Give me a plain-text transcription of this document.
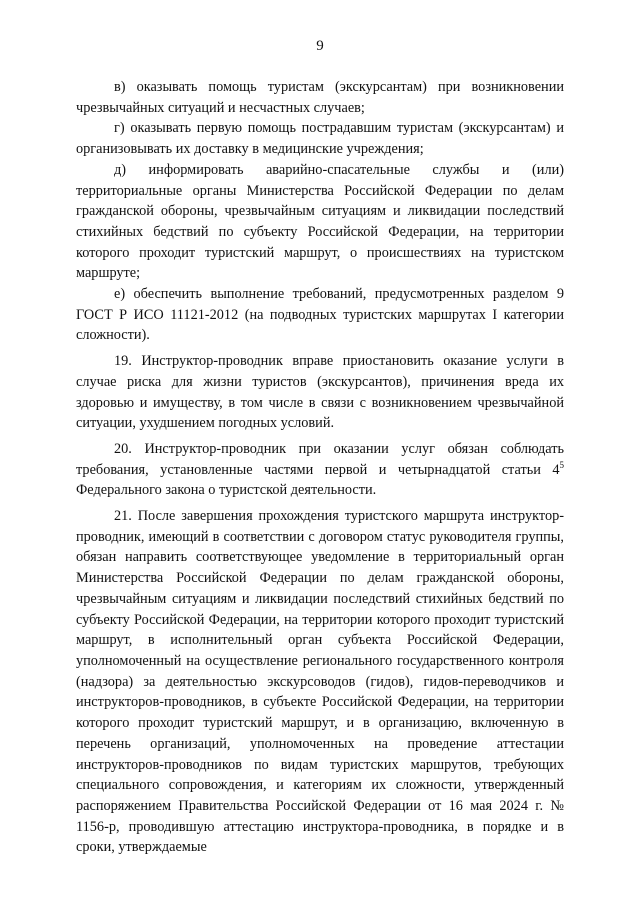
9

в) оказывать помощь туристам (экскурсантам) при возникновении чрезвычайных ситуаций и несчастных случаев;

г) оказывать первую помощь пострадавшим туристам (экскурсантам) и организовывать их доставку в медицинские учреждения;

д) информировать аварийно-спасательные службы и (или) территориальные органы Министерства Российской Федерации по делам гражданской обороны, чрезвычайным ситуациям и ликвидации последствий стихийных бедствий по субъекту Российской Федерации, на территории которого проходит туристский маршрут, о происшествиях на туристском маршруте;

е) обеспечить выполнение требований, предусмотренных разделом 9 ГОСТ Р ИСО 11121-2012 (на подводных туристских маршрутах I категории сложности).

19. Инструктор-проводник вправе приостановить оказание услуги в случае риска для жизни туристов (экскурсантов), причинения вреда их здоровью и имуществу, в том числе в связи с возникновением чрезвычайной ситуации, ухудшением погодных условий.

20. Инструктор-проводник при оказании услуг обязан соблюдать требования, установленные частями первой и четырнадцатой статьи $4^5$ Федерального закона о туристской деятельности.

21. После завершения прохождения туристского маршрута инструктор-проводник, имеющий в соответствии с договором статус руководителя группы, обязан направить соответствующее уведомление в территориальный орган Министерства Российской Федерации по делам гражданской обороны, чрезвычайным ситуациям и ликвидации последствий стихийных бедствий по субъекту Российской Федерации, на территории которого проходит туристский маршрут, в исполнительный орган субъекта Российской Федерации, уполномоченный на осуществление регионального государственного контроля (надзора) за деятельностью экскурсоводов (гидов), гидов-переводчиков и инструкторов-проводников, в субъекте Российской Федерации, на территории которого проходит туристский маршрут, и в организацию, включенную в перечень организаций, уполномоченных на проведение аттестации инструкторов-проводников по видам туристских маршрутов, требующих специального сопровождения, и категориям их сложности, утвержденный распоряжением Правительства Российской Федерации от 16 мая 2024 г. № 1156-р, проводившую аттестацию инструктора-проводника, в порядке и в сроки, утверждаемые
